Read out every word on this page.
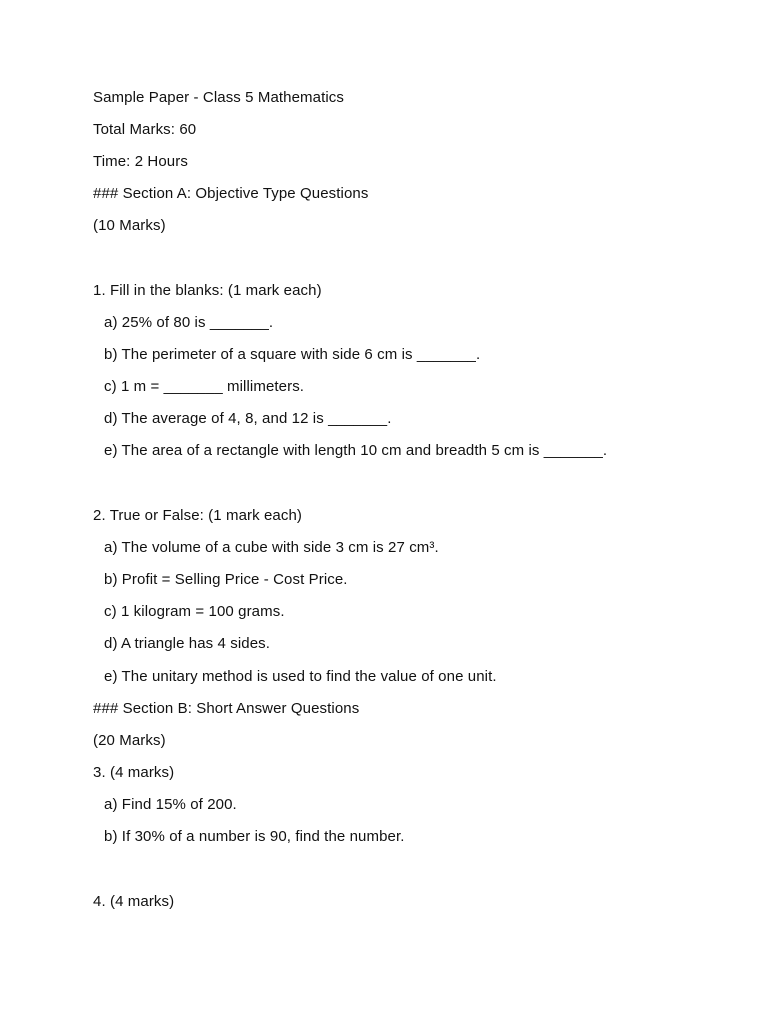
Sample Paper - Class 5 Mathematics
Total Marks: 60
Time: 2 Hours
### Section A: Objective Type Questions
(10 Marks)
1. Fill in the blanks: (1 mark each)
a) 25% of 80 is _______.
b) The perimeter of a square with side 6 cm is _______.
c) 1 m = _______ millimeters.
d) The average of 4, 8, and 12 is _______.
e) The area of a rectangle with length 10 cm and breadth 5 cm is _______.
2. True or False: (1 mark each)
a) The volume of a cube with side 3 cm is 27 cm³.
b) Profit = Selling Price - Cost Price.
c) 1 kilogram = 100 grams.
d) A triangle has 4 sides.
e) The unitary method is used to find the value of one unit.
### Section B: Short Answer Questions
(20 Marks)
3. (4 marks)
a) Find 15% of 200.
b) If 30% of a number is 90, find the number.
4. (4 marks)
